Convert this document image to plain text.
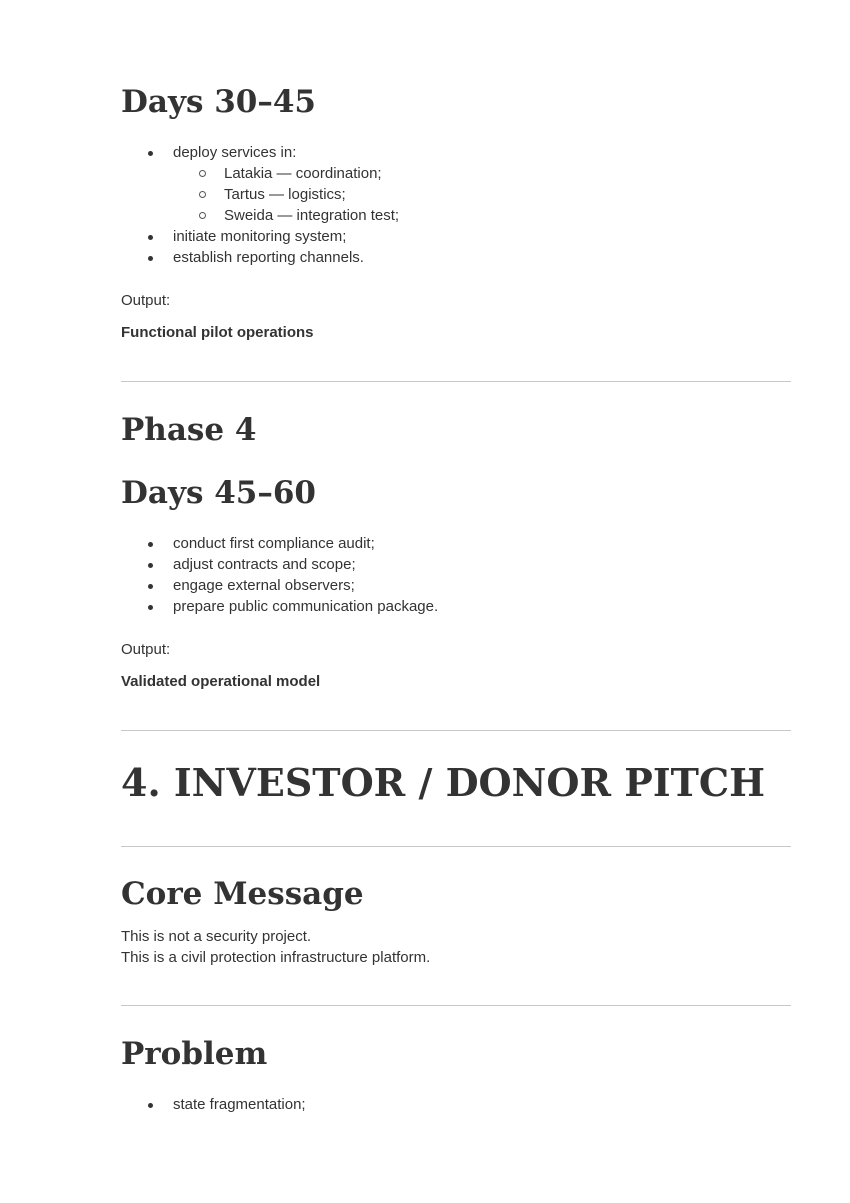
Days 30–45
deploy services in:
Latakia — coordination;
Tartus — logistics;
Sweida — integration test;
initiate monitoring system;
establish reporting channels.

Output:

Functional pilot operations

Phase 4
Days 45–60
conduct first compliance audit;
adjust contracts and scope;
engage external observers;
prepare public communication package.

Output:

Validated operational model

4. INVESTOR / DONOR PITCH
Core Message

This is not a security project.

This is a civil protection infrastructure platform.

Problem
state fragmentation;
